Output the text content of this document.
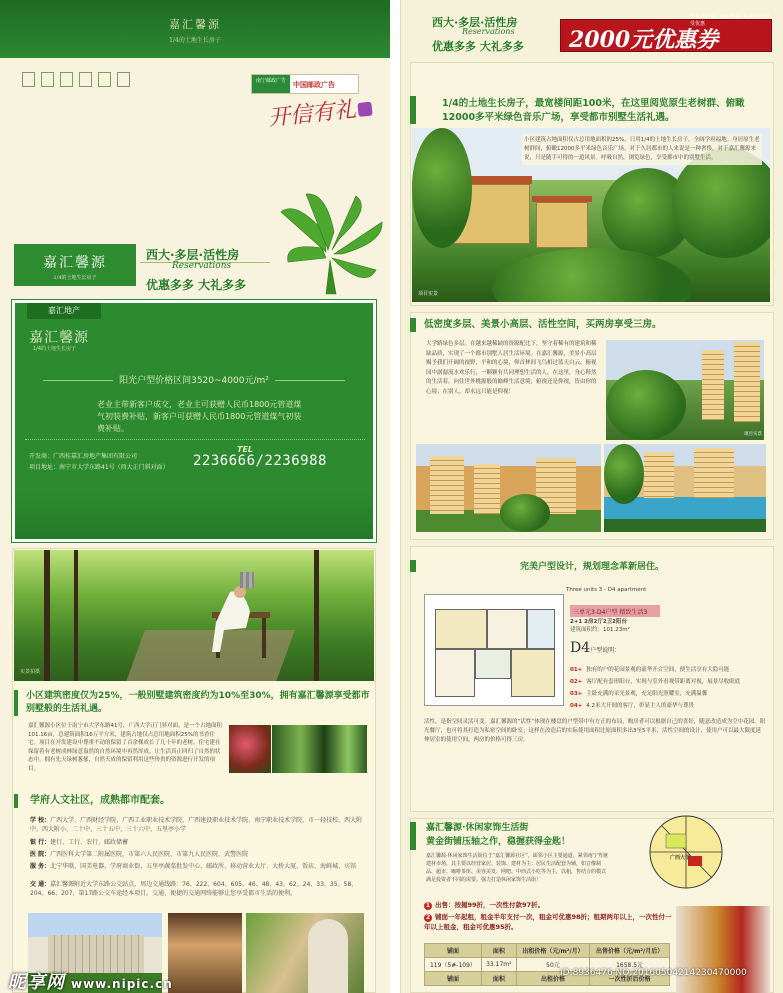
嘉汇馨源
1/4的土地生长房子
南宁邮政广告	中国邮政广告
开信有礼
嘉汇馨源
1/4的土地生长房子
西大·多层·活性房
Reservations
优惠多多 大礼多多
嘉汇地产
嘉汇馨源
1/4的土地生长房子
阳光户型价格区间3520~4000元/m²
老业主带新客户成交，老业主可获赠人民币1800元管道煤气初装费补贴，新客户可获赠人民币1800元管道煤气初装费补贴。
开发商：广西桂嘉汇房地产集团有限公司
项目地址：南宁市大学东路41号（西大正门斜对面）
TEL
2236666/2236988
实景拍摄
小区建筑密度仅为25%，一般别墅建筑密度约为10%至30%，拥有嘉汇馨源享受都市别墅般的生活礼遇。
嘉汇馨源小区位于南宁市大学东路41号，广西大学正门斜对面。是一个占地面积101.16亩，总建筑面积16万平方米，建筑占地仅占总用地面积25%的书香住宅。项目在开发建设中尊重不动的保留了百余棵成长了几十年的老树。住宅建在保留着有老树成林绿意盎然的自然环境中再然浑成，让生活真正回归了自然的状态中。拥有先天绿树葱郁，自然天成的保留利用这些珍贵的资源进行开发的项目。
学府人文社区，成熟都市配套。
学 校：广西大学、广西财经学院、广西工业职业技术学院、广西建设职业技术学院、南宁职业技术学院、市一轻技校、西大附中、西大附小、二十中、三十五中、三十六中、五里亭小学
银 行：建行、工行、农行、邮政储蓄
医 院：广西医科大学第二附属医院、市第六人民医院、市第九人民医院、武警医院
服 务：北宁华联、国美电器、学府商业街、五里亭蔬菜批发中心、邮政所、移动营业大厅、大桥大厦、饭店、海鲜城、宾馆
交 通：嘉汇馨源附近大学东路公交站点，周边交通线路：76、222、604、605、46、48、43、62、24、33、35、58、204、66、207、第17路公交车途经本项目。交通、便捷的交通网络能够让您享受都市生活的便利。
昵享网 www.nipic.cn
西大·多层·活性房
Reservations
优惠多多 大礼多多 2000元优惠券
持本券到嘉汇馨源售楼中心购房即享受优惠
1/4的土地生长房子，最宽楼间距100米，在这里阅览原生老树群、俯瞰12000多平米绿色音乐广场，享受都市别墅生活礼遇。
小区建筑占地面积仅占总用地面积的25%。只用1/4的土地生长房子，全阔学府福地。身居原生老树群间，俯瞰12000多平米绿色音乐广场。对于久居都市的人来说是一种奢侈，对于嘉汇馨源来说，只是随手可得的一道风景。呼吸自然，浏览绿色，享受都市中的别墅生活。
项目实景
低密度多层、美景小高层、活性空间，买两房享受三房。
大学路绿色多层。在越来越稀缺的资源配比下，坚守着稀有的建筑和稀缺品质，实现了一个都市别墅人居生活环境。在嘉汇馨源，美景小高层赐予我们开阔的视野，平和的心境，仰首林间飞鸟相过蓝天白云，俯视园中潺潺流水欢乐行，一颗颗有共同理想生活的人，在这里，身心释然的生活着，向往世外桃源般的巅峰生活意境，俯视还是仰视，皆由你的心境；在别人，却永远只能是仰视！
项目实景
完美户型设计，规划理念革新居住。
Three units 3 - D4 apartment
三单元3-D4户型 精致生活3
2+1 2房2厅2卫2阳台
建筑面积约：101.23m²
D4户型说明：
01+ 独有的户的花园景观的豪华开合空间，便生活享有大隐可能
02+ 客厅配有套形阳台，实现与室外看观带距离对视，展景尽收眼底
03+ 主卧充满的采光景观，充足阳光照耀室，充满温馨
04+ 4.2米大开间的客厅，彰显主人的豪华与尊贵
活性，是指空间灵活可变。嘉汇馨源的“活性”体现在楼盘的户型带中有方正的布局，购房者可以根据自己的喜好，随意改造成为空中花园、阳光餐厅，也可将其打造为私密空间的卧室；这样在改造后的实际使用面积比原面积多出3至5平米，活性空间的设计，使用户可以最大限度延伸居室的使用空间，两房的价格可得三房。
嘉汇馨源·休闲家饰生活街
黄金街铺压轴之作，稳握获得金匙！
嘉汇馨源·休闲家饰生活街位于“嘉汇馨源社区”，面邻小区主要通道，紧邻南宁驾驰建材市场，其主要以经营家居、装饰、建材为主；居民生活配套为辅，如音像制品、超市、咖啡茶座、美容美发、网吧、中西式小吃等为主，以租、售结合的模式满足投资者不同的需要。强力打造休闲家饰生活街！
广西大学
1 出售：按揭99折，一次性付款97折。
2 铺面一年起租，租金半年支付一次，租金可优惠98折；租期两年以上，一次性付一年以上租金，租金可优惠95折。
铺面	面积	出租价格（元/m²/月）	出售价格（元/m²/月后）
119（5#-109）	33.17m²	50元	1658.5元
铺面	面积	出租价格	一次性折后价格
ID:8936476 NO:20160504214230470000
